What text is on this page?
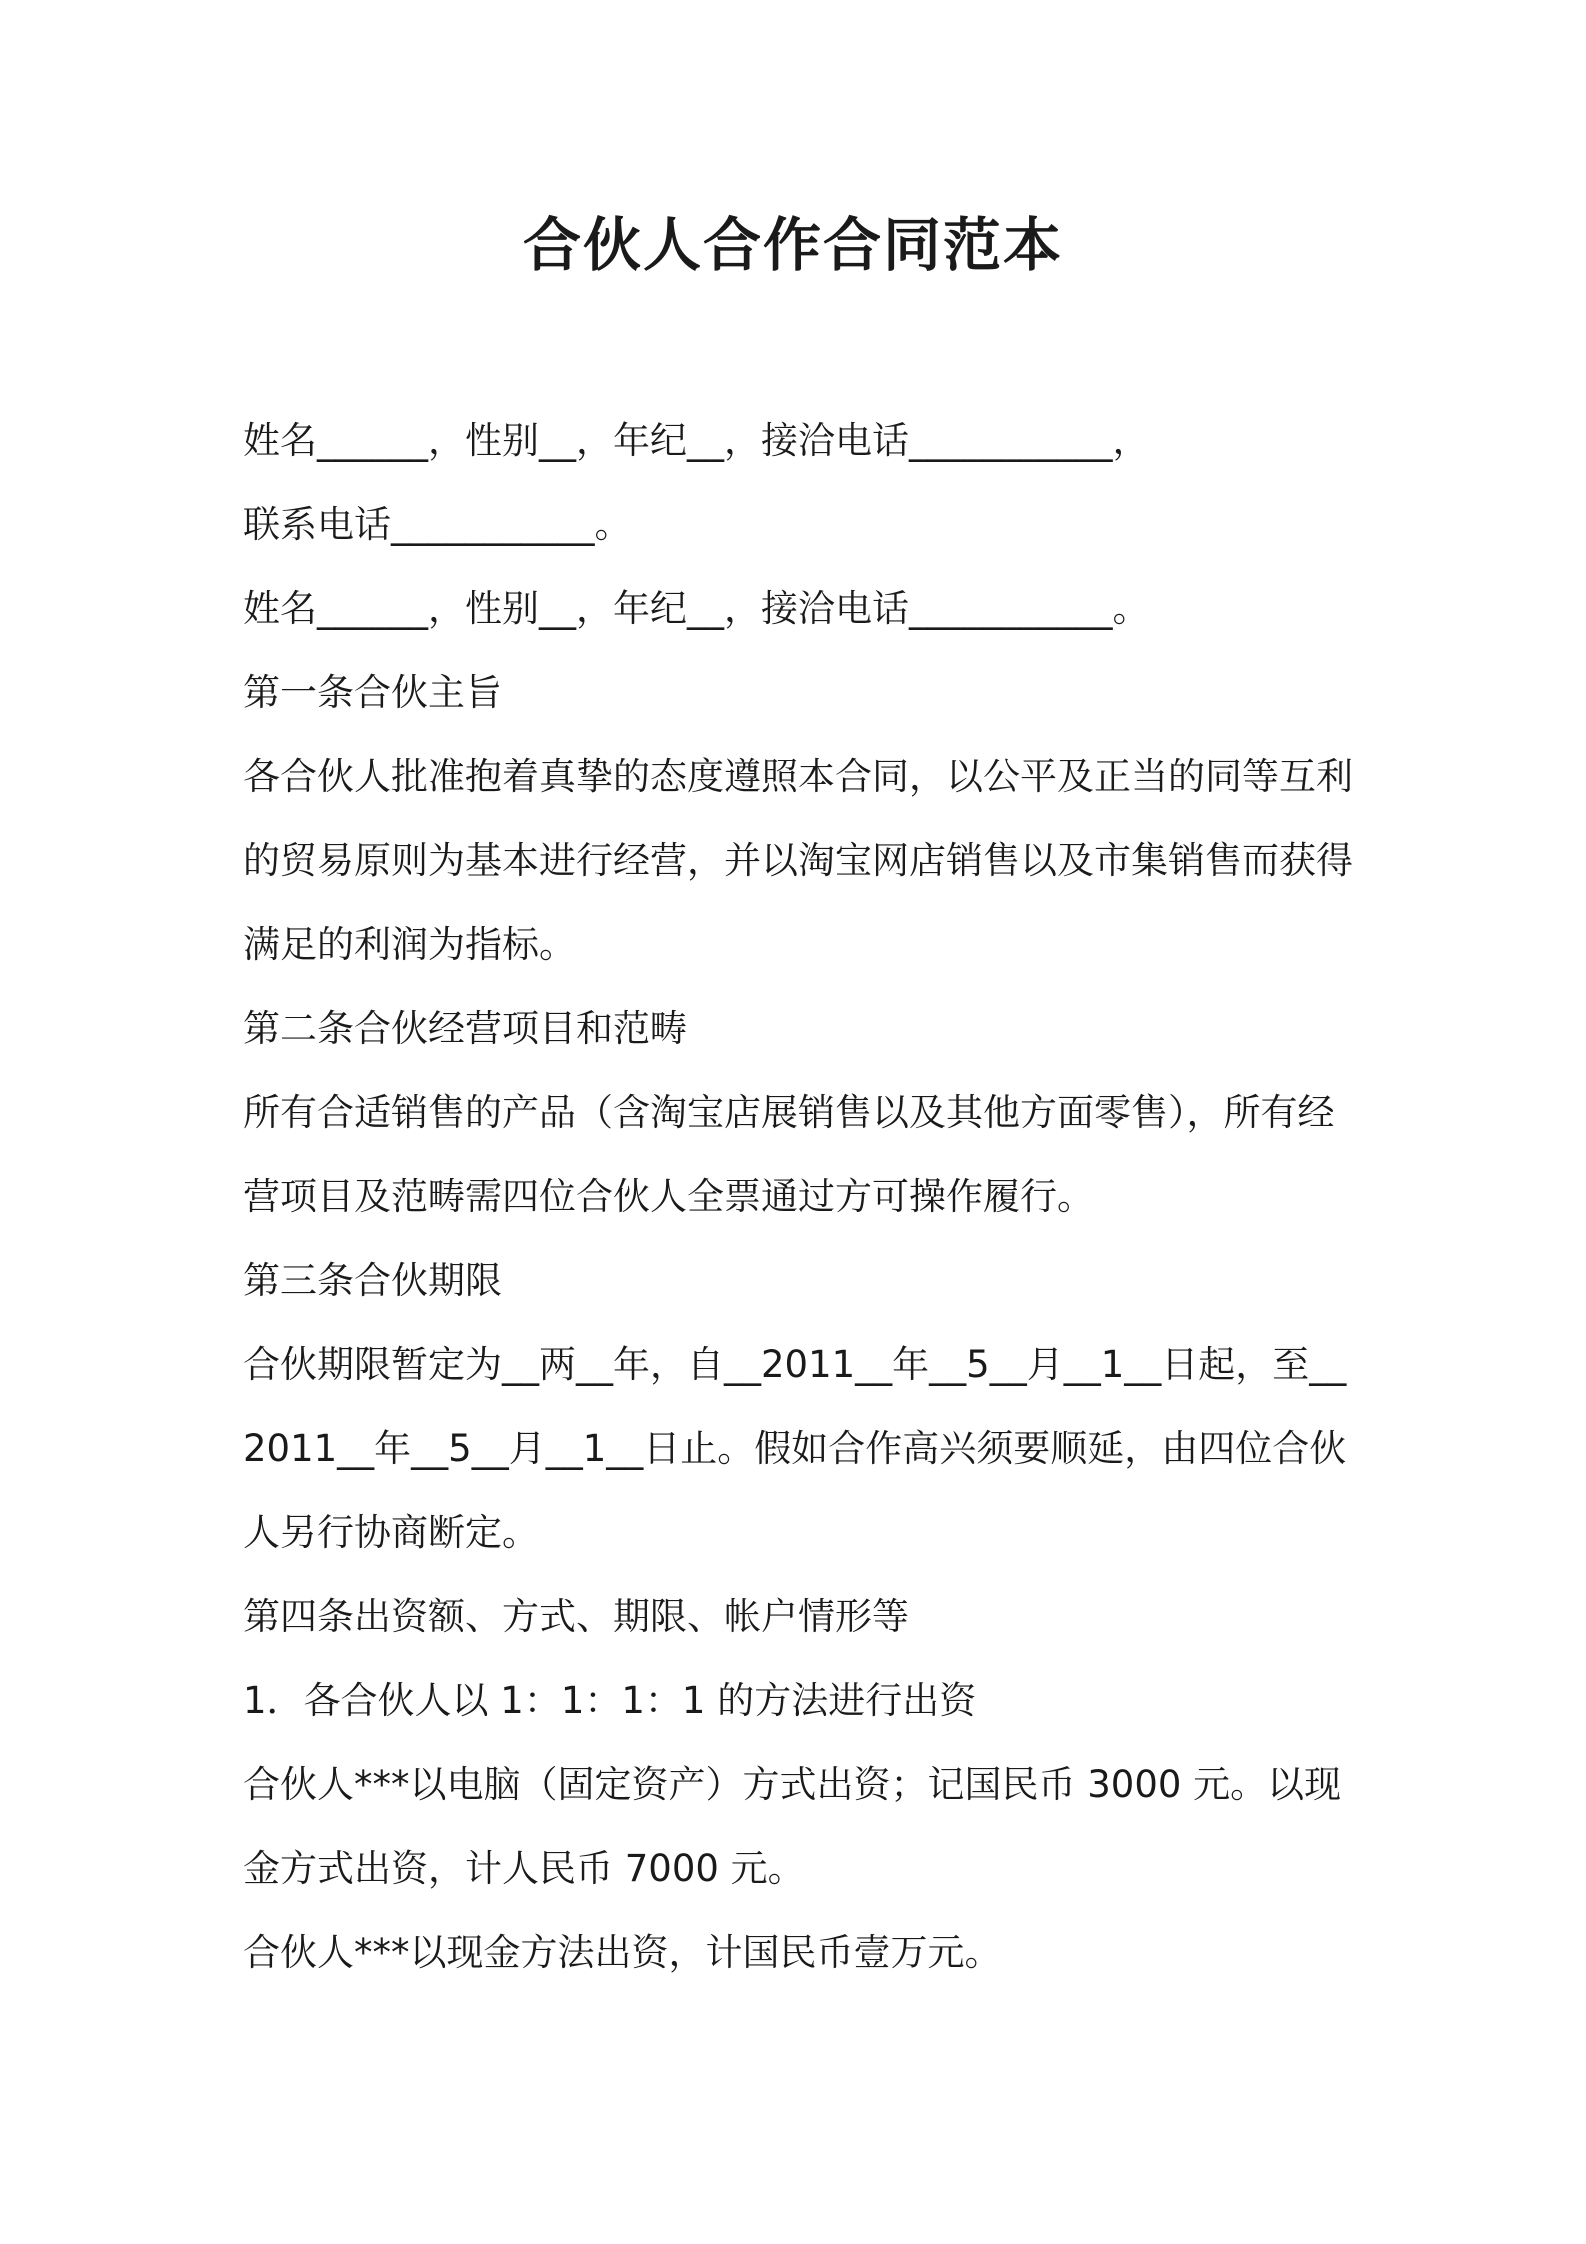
合伙人合作合同范本

姓名______，性别__，年纪__，接洽电话___________，

联系电话___________。

姓名______，性别__，年纪__，接洽电话___________。

第一条合伙主旨

各合伙人批准抱着真挚的态度遵照本合同，以公平及正当的同等互利

的贸易原则为基本进行经营，并以淘宝网店销售以及市集销售而获得

满足的利润为指标。

第二条合伙经营项目和范畴

所有合适销售的产品（含淘宝店展销售以及其他方面零售），所有经

营项目及范畴需四位合伙人全票通过方可操作履行。

第三条合伙期限

合伙期限暂定为__两__年，自__2011__年__5__月__1__日起，至__

2011__年__5__月__1__日止。假如合作高兴须要顺延，由四位合伙

人另行协商断定。

第四条出资额、方式、期限、帐户情形等

1．各合伙人以 1：1：1：1 的方法进行出资

合伙人***以电脑（固定资产）方式出资；记国民币 3000 元。以现

金方式出资，计人民币 7000 元。

合伙人***以现金方法出资，计国民币壹万元。
